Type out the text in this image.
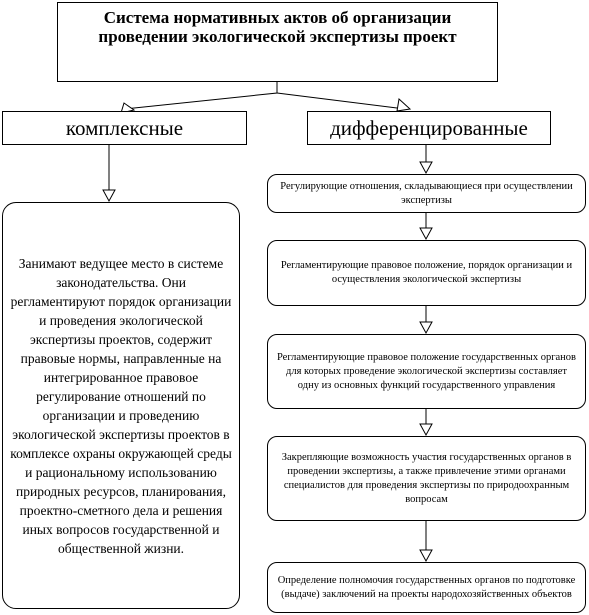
Система нормативных актов об организации проведении экологической экспертизы проект
комплексные	дифференцированные
Занимают ведущее место в системе законодательства. Они регламентируют порядок организации и проведения экологической экспертизы проектов, содержит правовые нормы, направленные на интегрированное правовое регулирование отношений по организации и проведению экологической экспертизы проектов в комплексе охраны окружающей среды и рациональному использованию природных ресурсов, планирования, проектно-сметного дела и решения иных вопросов государственной и общественной жизни.
Регулирующие отношения, складывающиеся при осуществлении экспертизы
Регламентирующие правовое положение, порядок организации и осуществления экологической экспертизы
Регламентирующие правовое положение государственных органов для которых проведение экологической экспертизы составляет одну из основных функций государственного управления
Закрепляющие возможность участия государственных органов в проведении экспертизы, а также привлечение этими органами специалистов для проведения экспертизы по природоохранным вопросам
Определение полномочия государственных органов по подготовке (выдаче) заключений на проекты народохозяйственных объектов
